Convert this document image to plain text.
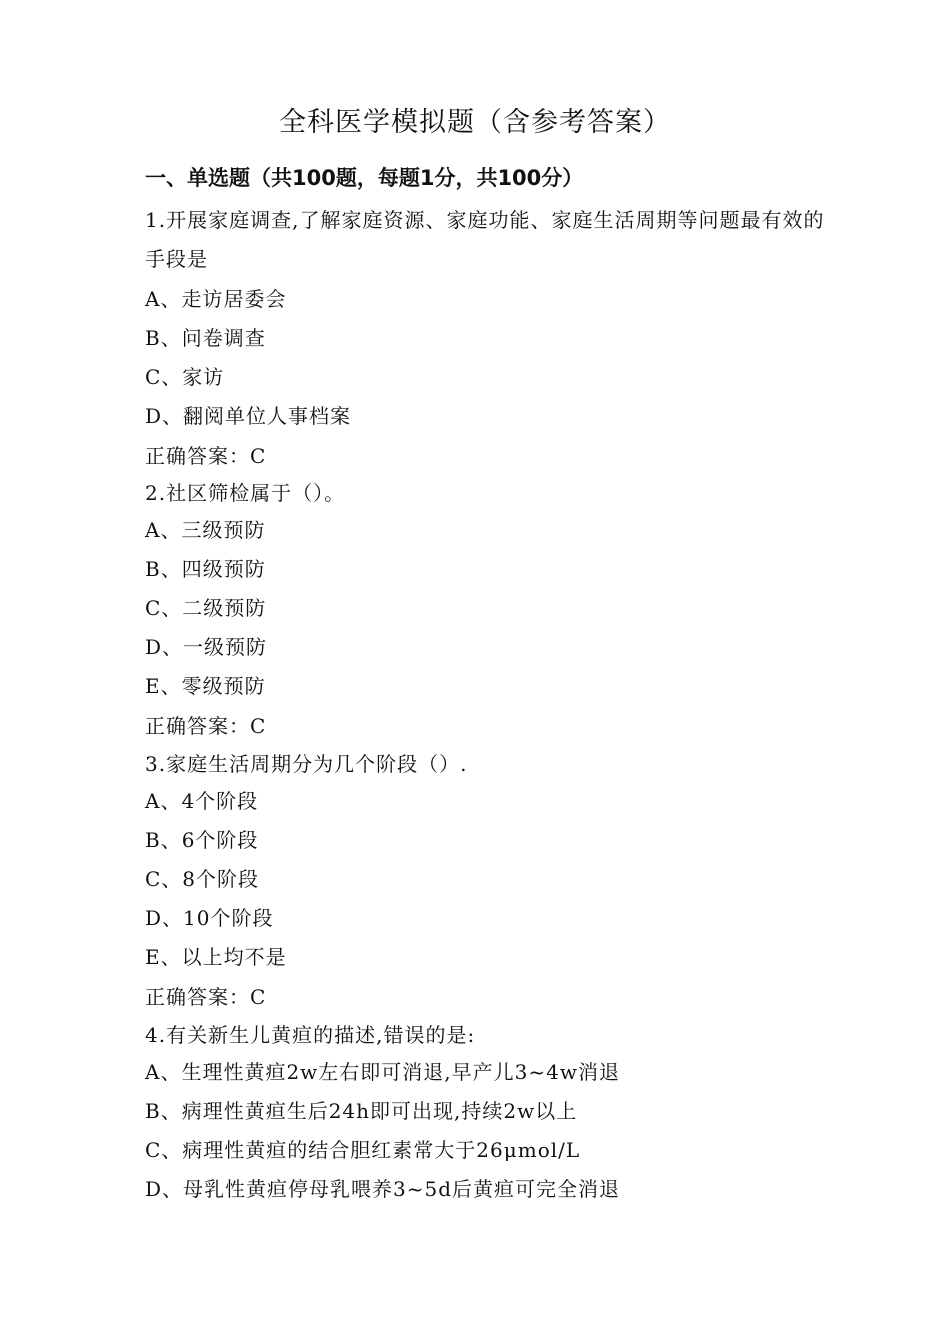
全科医学模拟题（含参考答案）
一、单选题（共100题，每题1分，共100分）
1.开展家庭调查,了解家庭资源、家庭功能、家庭生活周期等问题最有效的手段是
A、走访居委会
B、问卷调查
C、家访
D、翻阅单位人事档案
正确答案：C
2.社区筛检属于（）。
A、三级预防
B、四级预防
C、二级预防
D、一级预防
E、零级预防
正确答案：C
3.家庭生活周期分为几个阶段（）.
A、4个阶段
B、6个阶段
C、8个阶段
D、10个阶段
E、以上均不是
正确答案：C
4.有关新生儿黄疸的描述,错误的是:
A、生理性黄疸2w左右即可消退,早产儿3~4w消退
B、病理性黄疸生后24h即可出现,持续2w以上
C、病理性黄疸的结合胆红素常大于26μmol/L
D、母乳性黄疸停母乳喂养3~5d后黄疸可完全消退
